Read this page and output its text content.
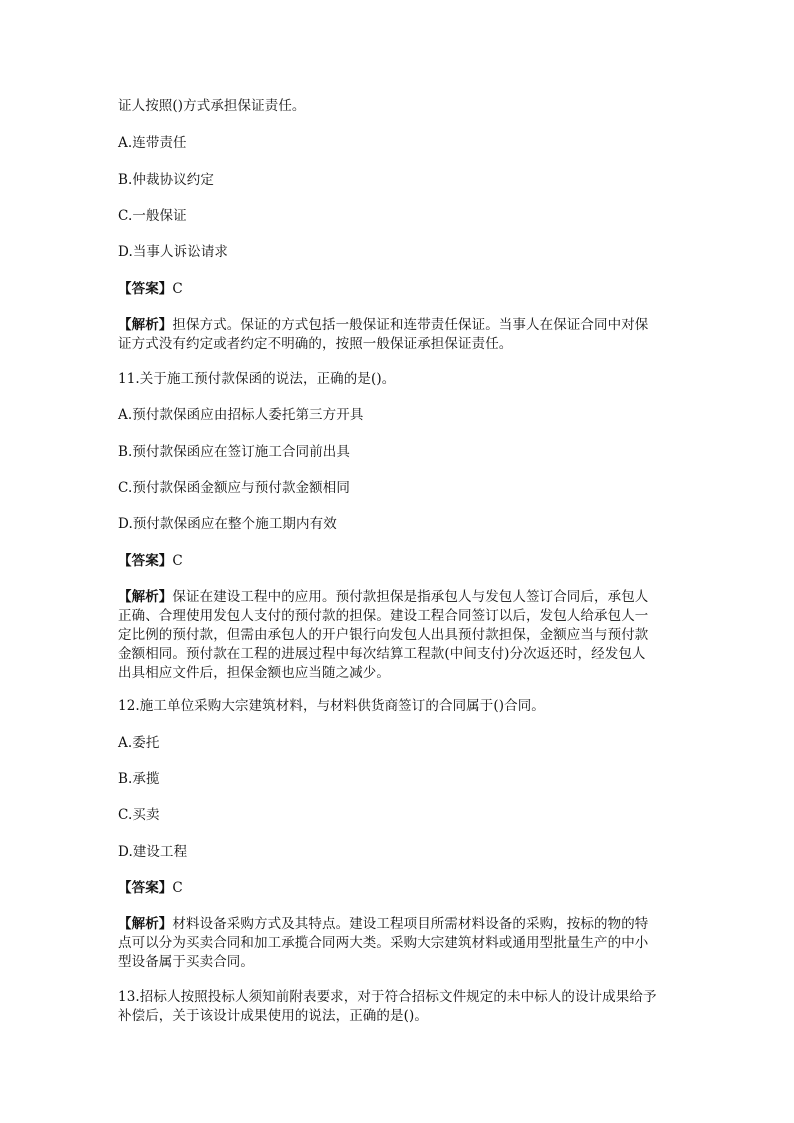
证人按照()方式承担保证责任。
A.连带责任
B.仲裁协议约定
C.一般保证
D.当事人诉讼请求
【答案】C
【解析】担保方式。保证的方式包括一般保证和连带责任保证。当事人在保证合同中对保
证方式没有约定或者约定不明确的，按照一般保证承担保证责任。
11.关于施工预付款保函的说法，正确的是()。
A.预付款保函应由招标人委托第三方开具
B.预付款保函应在签订施工合同前出具
C.预付款保函金额应与预付款金额相同
D.预付款保函应在整个施工期内有效
【答案】C
【解析】保证在建设工程中的应用。预付款担保是指承包人与发包人签订合同后，承包人
正确、合理使用发包人支付的预付款的担保。建设工程合同签订以后，发包人给承包人一
定比例的预付款，但需由承包人的开户银行向发包人出具预付款担保，金额应当与预付款
金额相同。预付款在工程的进展过程中每次结算工程款(中间支付)分次返还时，经发包人
出具相应文件后，担保金额也应当随之减少。
12.施工单位采购大宗建筑材料，与材料供货商签订的合同属于()合同。
A.委托
B.承揽
C.买卖
D.建设工程
【答案】C
【解析】材料设备采购方式及其特点。建设工程项目所需材料设备的采购，按标的物的特
点可以分为买卖合同和加工承揽合同两大类。采购大宗建筑材料或通用型批量生产的中小
型设备属于买卖合同。
13.招标人按照投标人须知前附表要求，对于符合招标文件规定的未中标人的设计成果给予
补偿后，关于该设计成果使用的说法，正确的是()。
